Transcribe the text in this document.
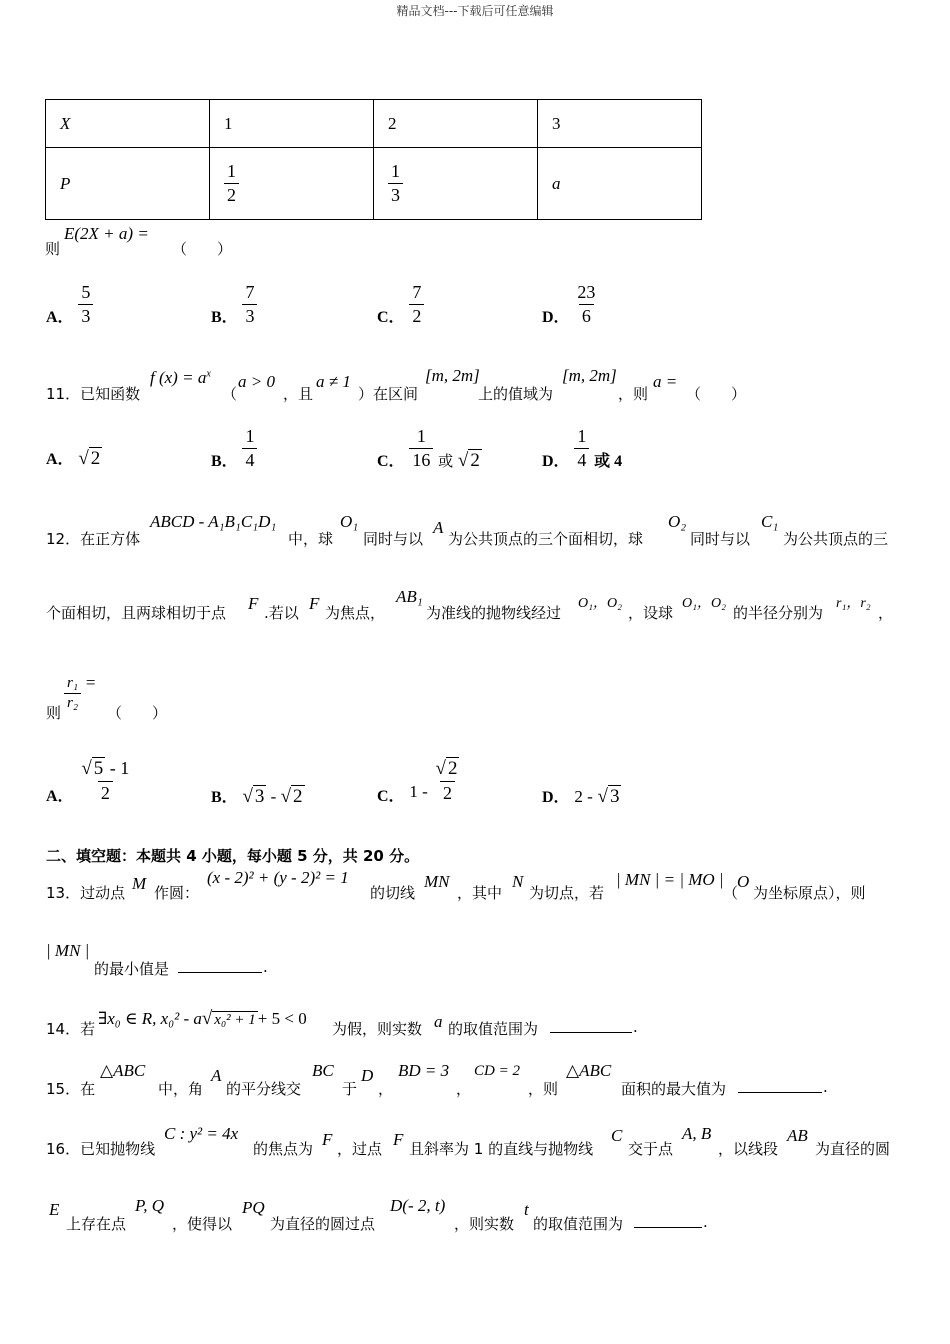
精品文档---下载后可任意编辑
X	1	2	3
P	$\frac{1}{2}$	$\frac{1}{3}$	a
则
E(2X + a) =
（　　）
A． $\frac{5}{3}$	B． $\frac{7}{3}$	C． $\frac{7}{2}$	D． $\frac{23}{6}$
11．已知函数
f $(x) = a^x$
（
a > 0
，且
a ≠ 1
）在区间
[m, 2m]
上的值域为
[m, 2m]
，则
a =
（　　）
A． √ 2	B． $\frac{1}{4}$	C． $\frac{1}{16}$ 或 √ 2	D． $\frac{1}{4}$ 或 4
12．在正方体
ABCD - A₁B₁C₁D₁
中，球
O₁
同时与以
A
为公共顶点的三个面相切，球
O₂
同时与以
C₁
为公共顶点的三
个面相切，且两球相切于点 F .若以 F 为焦点，
AB₁
为准线的抛物线经过
O₁，O₂
，设球
O₁，O₂
的半径分别为
r₁，r₂
，
则
$\frac{\text{r₁}}{\text{r₂}}$ =
（　　）
A． $\frac{√ 5 - 1}{2}$	B． √ 3 - √ 2	C． $1 - \frac{√ 2}{2}$	D． 2 - √ 3
二、填空题：本题共 4 小题，每小题 5 分，共 20 分。
13．过动点 M 作圆：
(x - 2)² + (y - 2)² = 1
的切线
MN
，其中
N
为切点，若
| MN | = | MO |
（
O
为坐标原点），则
| MN |
的最小值是	.
14．若
∃x₀ ∈ R, x₀² - a√ x₀² + 1 + 5 < 0
为假，则实数 a 的取值范围为	.
15．在
△ABC
中，角
A
的平分线交
BC
于
D
，
BD = 3
，
CD = 2
，则
△ABC
面积的最大值为	.
16．已知抛物线
C : y² = 4x
的焦点为 F ，过点 F 且斜率为 1 的直线与抛物线
C
交于点
A, B
，以线段
AB
为直径的圆
E
上存在点
P, Q
，使得以
PQ
为直径的圆过点
D(- 2, t)
，则实数
t
的取值范围为	.
